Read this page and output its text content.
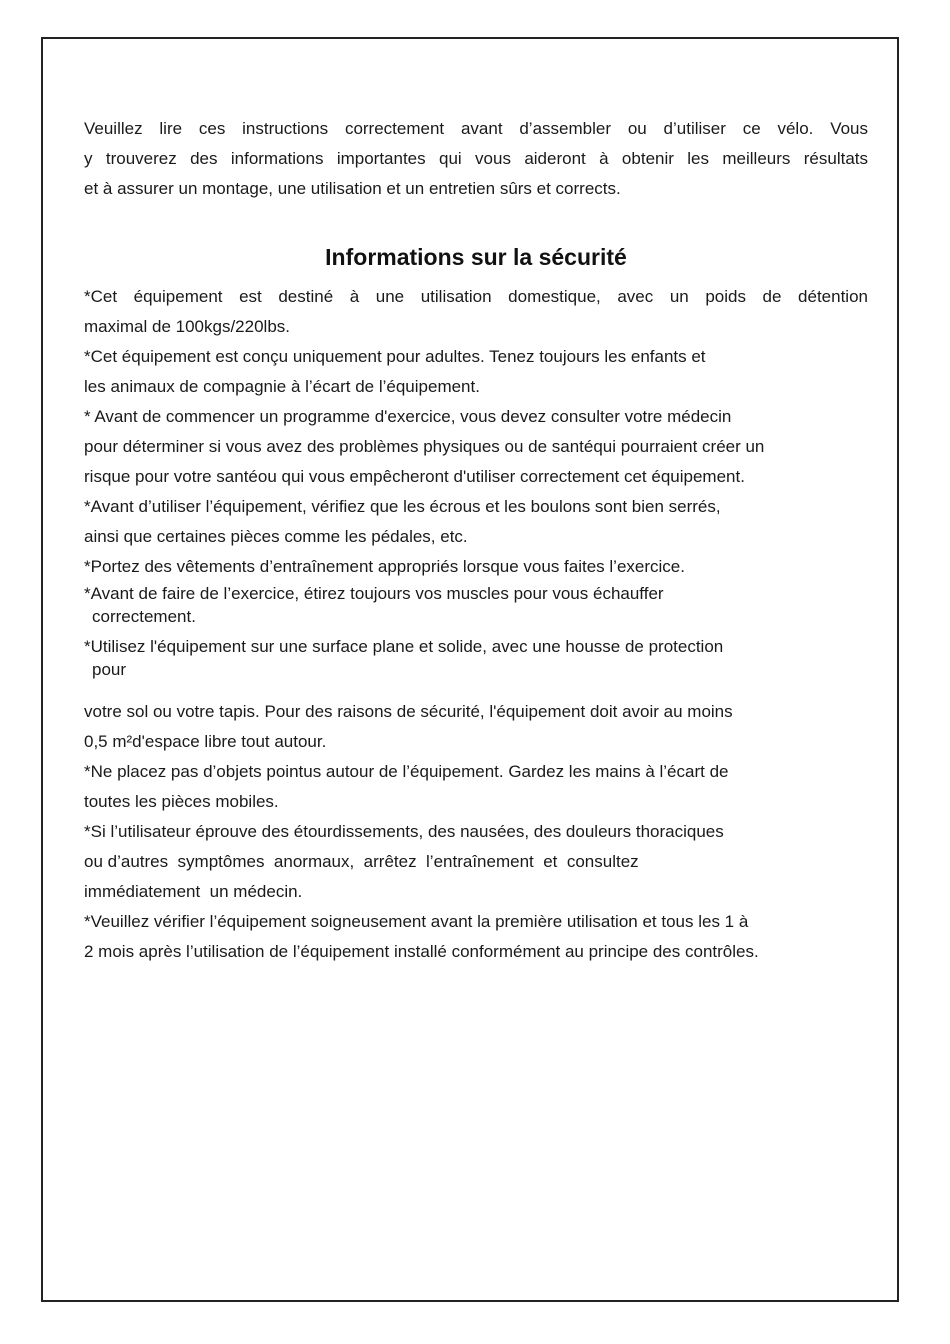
Veuillez lire ces instructions correctement avant d’assembler ou d’utiliser ce vélo. Vous

y trouverez des informations importantes qui vous aideront à obtenir les meilleurs résultats

et à assurer un montage, une utilisation et un entretien sûrs et corrects.

Informations sur la sécurité

*Cet équipement est destiné à une utilisation domestique, avec un poids de détention

maximal de 100kgs/220lbs.

*Cet équipement est conçu uniquement pour adultes. Tenez toujours les enfants et

les animaux de compagnie à l’écart de l’équipement.

* Avant de commencer un programme d'exercice, vous devez consulter votre médecin

pour déterminer si vous avez des problèmes physiques ou de santéqui pourraient créer un

risque pour votre santéou qui vous empêcheront d'utiliser correctement cet équipement.

*Avant d’utiliser l’équipement, vérifiez que les écrous et les boulons sont bien serrés,

ainsi que certaines pièces comme les pédales, etc.

*Portez des vêtements d’entraînement appropriés lorsque vous faites l’exercice.

*Avant de faire de l’exercice, étirez toujours vos muscles pour vous échauffer

correctement.

*Utilisez l'équipement sur une surface plane et solide, avec une housse de protection

pour

votre sol ou votre tapis. Pour des raisons de sécurité, l'équipement doit avoir au moins

0,5 m²d'espace libre tout autour.

*Ne placez pas d’objets pointus autour de l’équipement. Gardez les mains à l’écart de

toutes les pièces mobiles.

*Si l’utilisateur éprouve des étourdissements, des nausées, des douleurs thoraciques

ou d’autres  symptômes  anormaux,  arrêtez  l’entraînement  et  consultez

immédiatement  un médecin.

*Veuillez vérifier l’équipement soigneusement avant la première utilisation et tous les 1 à

2 mois après l’utilisation de l’équipement installé conformément au principe des contrôles.
